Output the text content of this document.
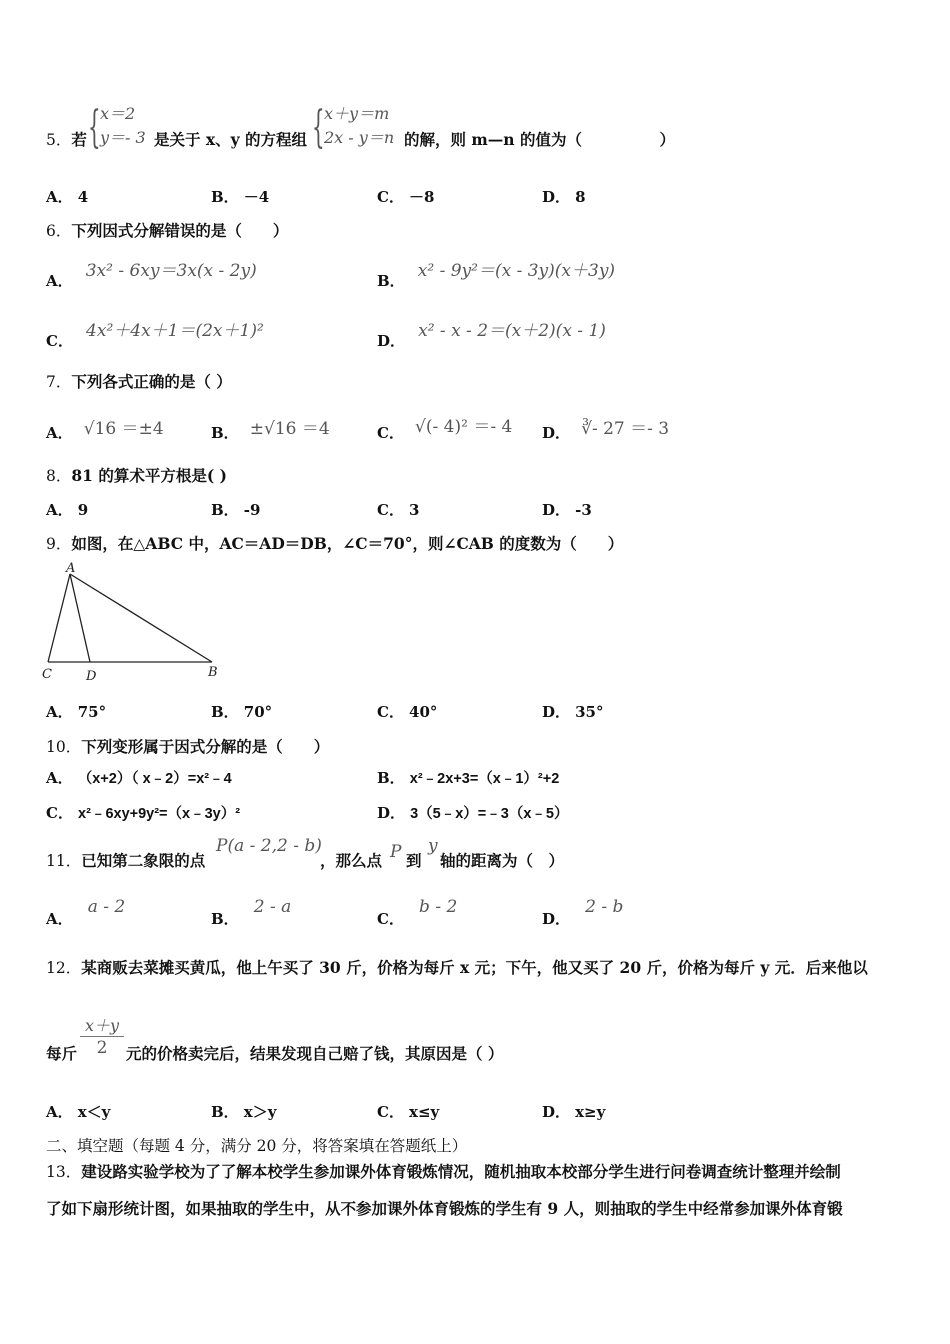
5．若 { x＝2
y＝- 3 是关于 x、y 的方程组 { x＋y＝m
2x - y＝n 的解，则 m—n 的值为（　　　　　）
A． 4	B． －4	C． －8	D． 8
6．下列因式分解错误的是（　　）
A． 3x² - 6xy＝3x(x - 2y)	B． x² - 9y²＝(x - 3y)(x＋3y)
C． 4x²＋4x＋1＝(2x＋1)²	D． x² - x - 2＝(x＋2)(x - 1)
7．下列各式正确的是（ ）
A． √16 ＝±4	B． ±√16 ＝4	C． √(- 4)² ＝- 4 D． ∛- 27 ＝- 3
8．81 的算术平方根是( )
A． 9	B． -9	C． 3	D． -3
9．如图，在△ABC 中，AC＝AD＝DB，∠C＝70°，则∠CAB 的度数为（　　）
A
B
C	D
A． 75°	B． 70°	C． 40°	D． 35°
10．下列变形属于因式分解的是（　　）
A． （x+2）（ x﹣2）=x²﹣4	B． x²﹣2x+3=（x﹣1）²+2
C． x²﹣6xy+9y²=（x﹣3y）²	D． 3（5﹣x）=﹣3（x﹣5）
11．已知第二象限的点
P(a - 2,2 - b)
，那么点 P 到
y
轴的距离为（　）
A． a - 2
B． 2 - a
C． b - 2
D． 2 - b
12．某商贩去菜摊买黄瓜，他上午买了 30 斤，价格为每斤 x 元；下午，他又买了 20 斤，价格为每斤 y 元．后来他以
每斤
x＋y
2	元的价格卖完后，结果发现自己赔了钱，其原因是（ ）
A． x＜y	B． x＞y	C． x≤y	D． x≥y
二、填空题（每题 4 分，满分 20 分，将答案填在答题纸上）
13．建设路实验学校为了了解本校学生参加课外体育锻炼情况，随机抽取本校部分学生进行问卷调查统计整理并绘制
了如下扇形统计图，如果抽取的学生中，从不参加课外体育锻炼的学生有 9 人，则抽取的学生中经常参加课外体育锻
